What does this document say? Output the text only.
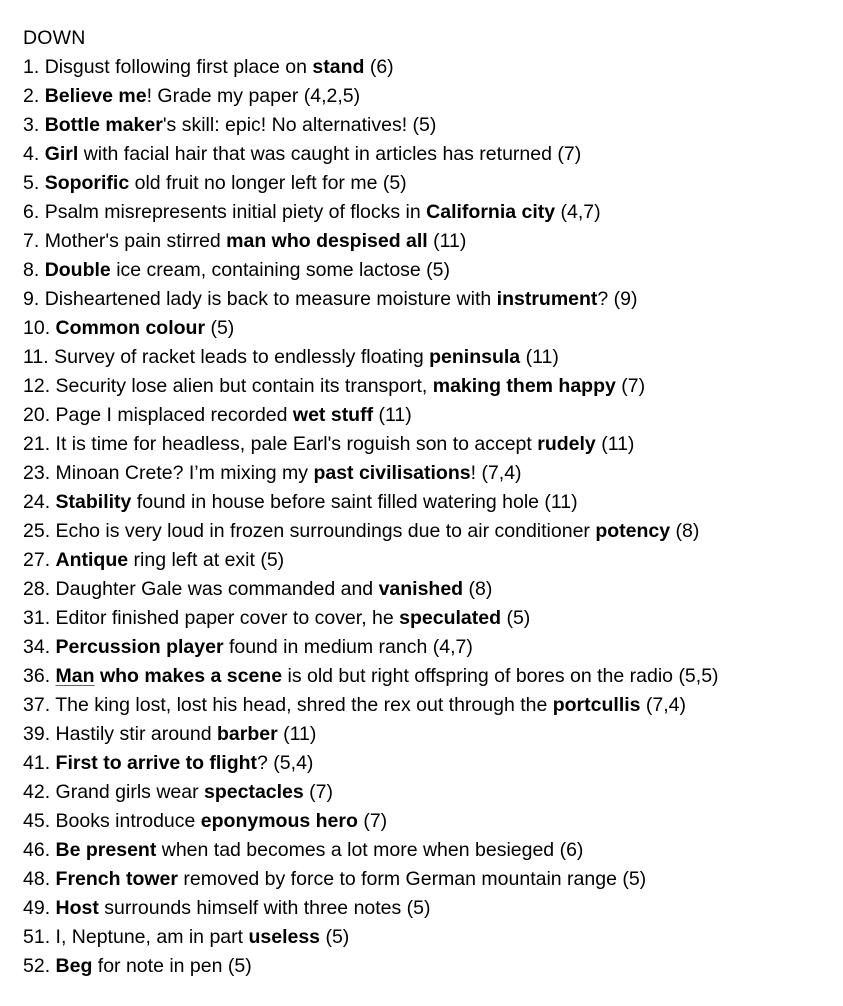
DOWN
1. Disgust following first place on stand (6)
2. Believe me! Grade my paper (4,2,5)
3. Bottle maker's skill: epic! No alternatives! (5)
4. Girl with facial hair that was caught in articles has returned (7)
5. Soporific old fruit no longer left for me (5)
6. Psalm misrepresents initial piety of flocks in California city (4,7)
7. Mother's pain stirred man who despised all (11)
8. Double ice cream, containing some lactose (5)
9. Disheartened lady is back to measure moisture with instrument? (9)
10. Common colour (5)
11. Survey of racket leads to endlessly floating peninsula (11)
12. Security lose alien but contain its transport, making them happy (7)
20. Page I misplaced recorded wet stuff (11)
21. It is time for headless, pale Earl's roguish son to accept rudely (11)
23. Minoan Crete? I’m mixing my past civilisations! (7,4)
24. Stability found in house before saint filled watering hole (11)
25. Echo is very loud in frozen surroundings due to air conditioner potency (8)
27. Antique ring left at exit (5)
28. Daughter Gale was commanded and vanished (8)
31. Editor finished paper cover to cover, he speculated (5)
34. Percussion player found in medium ranch (4,7)
36. Man who makes a scene is old but right offspring of bores on the radio (5,5)
37. The king lost, lost his head, shred the rex out through the portcullis (7,4)
39. Hastily stir around barber (11)
41. First to arrive to flight? (5,4)
42. Grand girls wear spectacles (7)
45. Books introduce eponymous hero (7)
46. Be present when tad becomes a lot more when besieged (6)
48. French tower removed by force to form German mountain range (5)
49. Host surrounds himself with three notes (5)
51. I, Neptune, am in part useless (5)
52. Beg for note in pen (5)
